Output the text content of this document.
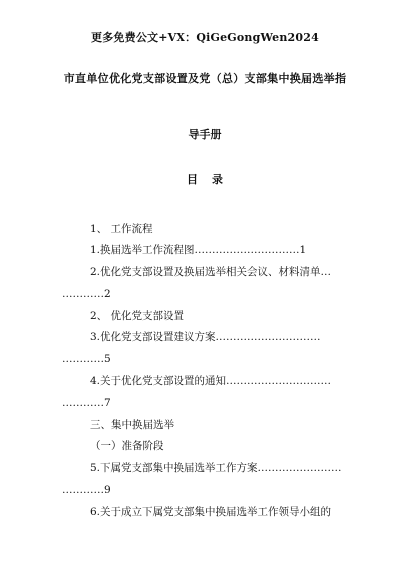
更多免费公文+VX：QiGeGongWen2024
市直单位优化党支部设置及党（总）支部集中换届选举指
导手册
目 录
1、 工作流程
1.换届选举工作流程图…………………………1
2.优化党支部设置及换届选举相关会议、材料清单…
…………2
2、 优化党支部设置
3.优化党支部设置建议方案…………………………
…………5
4.关于优化党支部设置的通知…………………………
…………7
三、集中换届选举
（一）准备阶段
5.下属党支部集中换届选举工作方案……………………
…………9
6.关于成立下属党支部集中换届选举工作领导小组的
